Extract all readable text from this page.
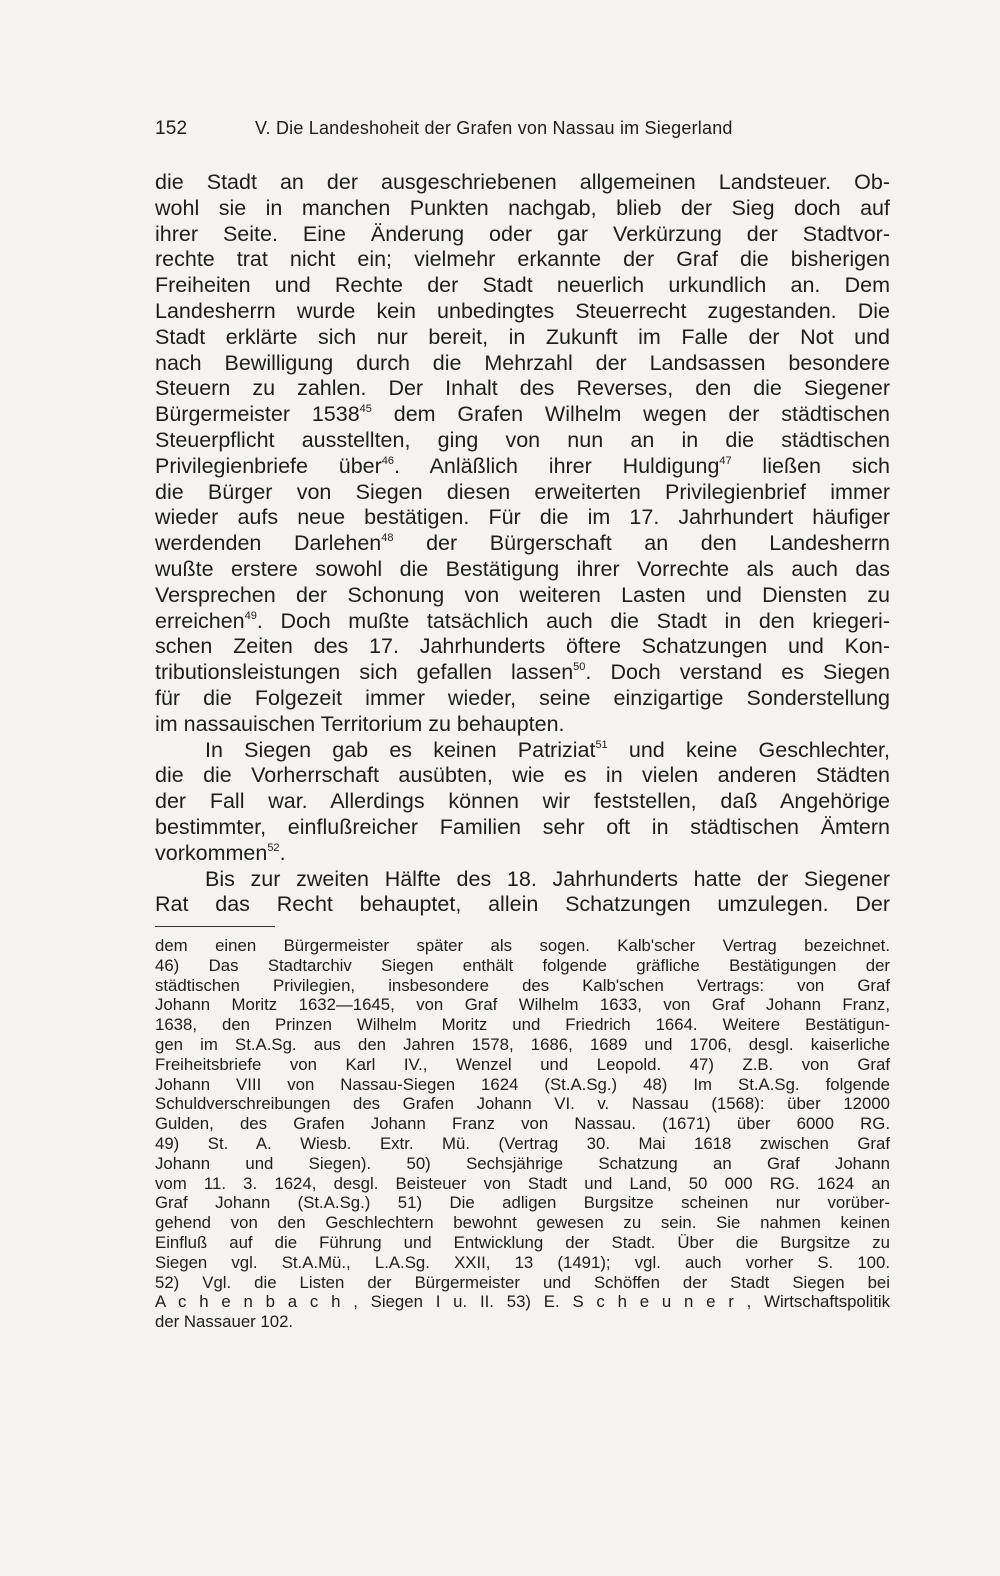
152	V. Die Landeshoheit der Grafen von Nassau im Siegerland
die Stadt an der ausgeschriebenen allgemeinen Landsteuer. Ob-
wohl sie in manchen Punkten nachgab, blieb der Sieg doch auf
ihrer Seite. Eine Änderung oder gar Verkürzung der Stadtvor-
rechte trat nicht ein; vielmehr erkannte der Graf die bisherigen
Freiheiten und Rechte der Stadt neuerlich urkundlich an. Dem
Landesherrn wurde kein unbedingtes Steuerrecht zugestanden. Die
Stadt erklärte sich nur bereit, in Zukunft im Falle der Not und
nach Bewilligung durch die Mehrzahl der Landsassen besondere
Steuern zu zahlen. Der Inhalt des Reverses, den die Siegener
Bürgermeister 1538$^{45}$ dem Grafen Wilhelm wegen der städtischen
Steuerpflicht ausstellten, ging von nun an in die städtischen
Privilegienbriefe über$^{46}$. Anläßlich ihrer Huldigung$^{47}$ ließen sich
die Bürger von Siegen diesen erweiterten Privilegienbrief immer
wieder aufs neue bestätigen. Für die im 17. Jahrhundert häufiger
werdenden Darlehen$^{48}$ der Bürgerschaft an den Landesherrn
wußte erstere sowohl die Bestätigung ihrer Vorrechte als auch das
Versprechen der Schonung von weiteren Lasten und Diensten zu
erreichen$^{49}$. Doch mußte tatsächlich auch die Stadt in den kriegeri-
schen Zeiten des 17. Jahrhunderts öftere Schatzungen und Kon-
tributionsleistungen sich gefallen lassen$^{50}$. Doch verstand es Siegen
für die Folgezeit immer wieder, seine einzigartige Sonderstellung
im nassauischen Territorium zu behaupten.
In Siegen gab es keinen Patriziat$^{51}$ und keine Geschlechter,
die die Vorherrschaft ausübten, wie es in vielen anderen Städten
der Fall war. Allerdings können wir feststellen, daß Angehörige
bestimmter, einflußreicher Familien sehr oft in städtischen Ämtern
vorkommen$^{52}$.
Bis zur zweiten Hälfte des 18. Jahrhunderts hatte der Siegener
Rat das Recht behauptet, allein Schatzungen umzulegen. Der
dem einen Bürgermeister später als sogen. Kalb'scher Vertrag bezeichnet.
46) Das Stadtarchiv Siegen enthält folgende gräfliche Bestätigungen der
städtischen Privilegien, insbesondere des Kalb'schen Vertrags: von Graf
Johann Moritz 1632—1645, von Graf Wilhelm 1633, von Graf Johann Franz,
1638, den Prinzen Wilhelm Moritz und Friedrich 1664. Weitere Bestätigun-
gen im St.A.Sg. aus den Jahren 1578, 1686, 1689 und 1706, desgl. kaiserliche
Freiheitsbriefe von Karl IV., Wenzel und Leopold. 47) Z.B. von Graf
Johann VIII von Nassau-Siegen 1624 (St.A.Sg.) 48) Im St.A.Sg. folgende
Schuldverschreibungen des Grafen Johann VI. v. Nassau (1568): über 12000
Gulden, des Grafen Johann Franz von Nassau. (1671) über 6000 RG.
49) St. A. Wiesb. Extr. Mü. (Vertrag 30. Mai 1618 zwischen Graf
Johann und Siegen). 50) Sechsjährige Schatzung an Graf Johann
vom 11. 3. 1624, desgl. Beisteuer von Stadt und Land, 50 000 RG. 1624 an
Graf Johann (St.A.Sg.) 51) Die adligen Burgsitze scheinen nur vorüber-
gehend von den Geschlechtern bewohnt gewesen zu sein. Sie nahmen keinen
Einfluß auf die Führung und Entwicklung der Stadt. Über die Burgsitze zu
Siegen vgl. St.A.Mü., L.A.Sg. XXII, 13 (1491); vgl. auch vorher S. 100.
52) Vgl. die Listen der Bürgermeister und Schöffen der Stadt Siegen bei
A c h e n b a c h , Siegen I u. II. 53) E. S c h e u n e r , Wirtschaftspolitik
der Nassauer 102.
